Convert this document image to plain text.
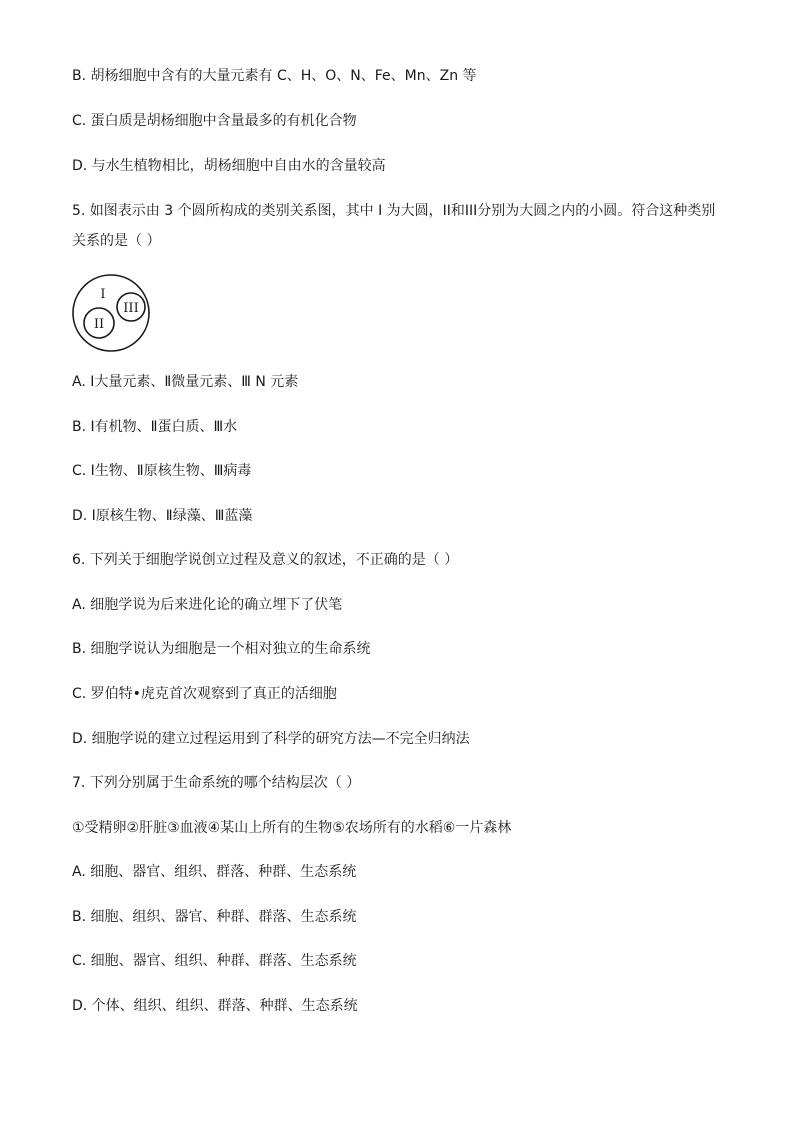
B. 胡杨细胞中含有的大量元素有 C、H、O、N、Fe、Mn、Zn 等
C. 蛋白质是胡杨细胞中含量最多的有机化合物
D. 与水生植物相比，胡杨细胞中自由水的含量较高
5. 如图表示由 3 个圆所构成的类别关系图，其中 I 为大圆，II和III分别为大圆之内的小圆。符合这种类别
关系的是（ ）
I
II
III
A. Ⅰ大量元素、Ⅱ微量元素、Ⅲ N 元素
B. Ⅰ有机物、Ⅱ蛋白质、Ⅲ水
C. Ⅰ生物、Ⅱ原核生物、Ⅲ病毒
D. Ⅰ原核生物、Ⅱ绿藻、Ⅲ蓝藻
6. 下列关于细胞学说创立过程及意义的叙述，不正确的是（ ）
A. 细胞学说为后来进化论的确立埋下了伏笔
B. 细胞学说认为细胞是一个相对独立的生命系统
C. 罗伯特•虎克首次观察到了真正的活细胞
D. 细胞学说的建立过程运用到了科学的研究方法—不完全归纳法
7. 下列分别属于生命系统的哪个结构层次（ ）
①受精卵②肝脏③血液④某山上所有的生物⑤农场所有的水稻⑥一片森林
A. 细胞、器官、组织、群落、种群、生态系统
B. 细胞、组织、器官、种群、群落、生态系统
C. 细胞、器官、组织、种群、群落、生态系统
D. 个体、组织、组织、群落、种群、生态系统
